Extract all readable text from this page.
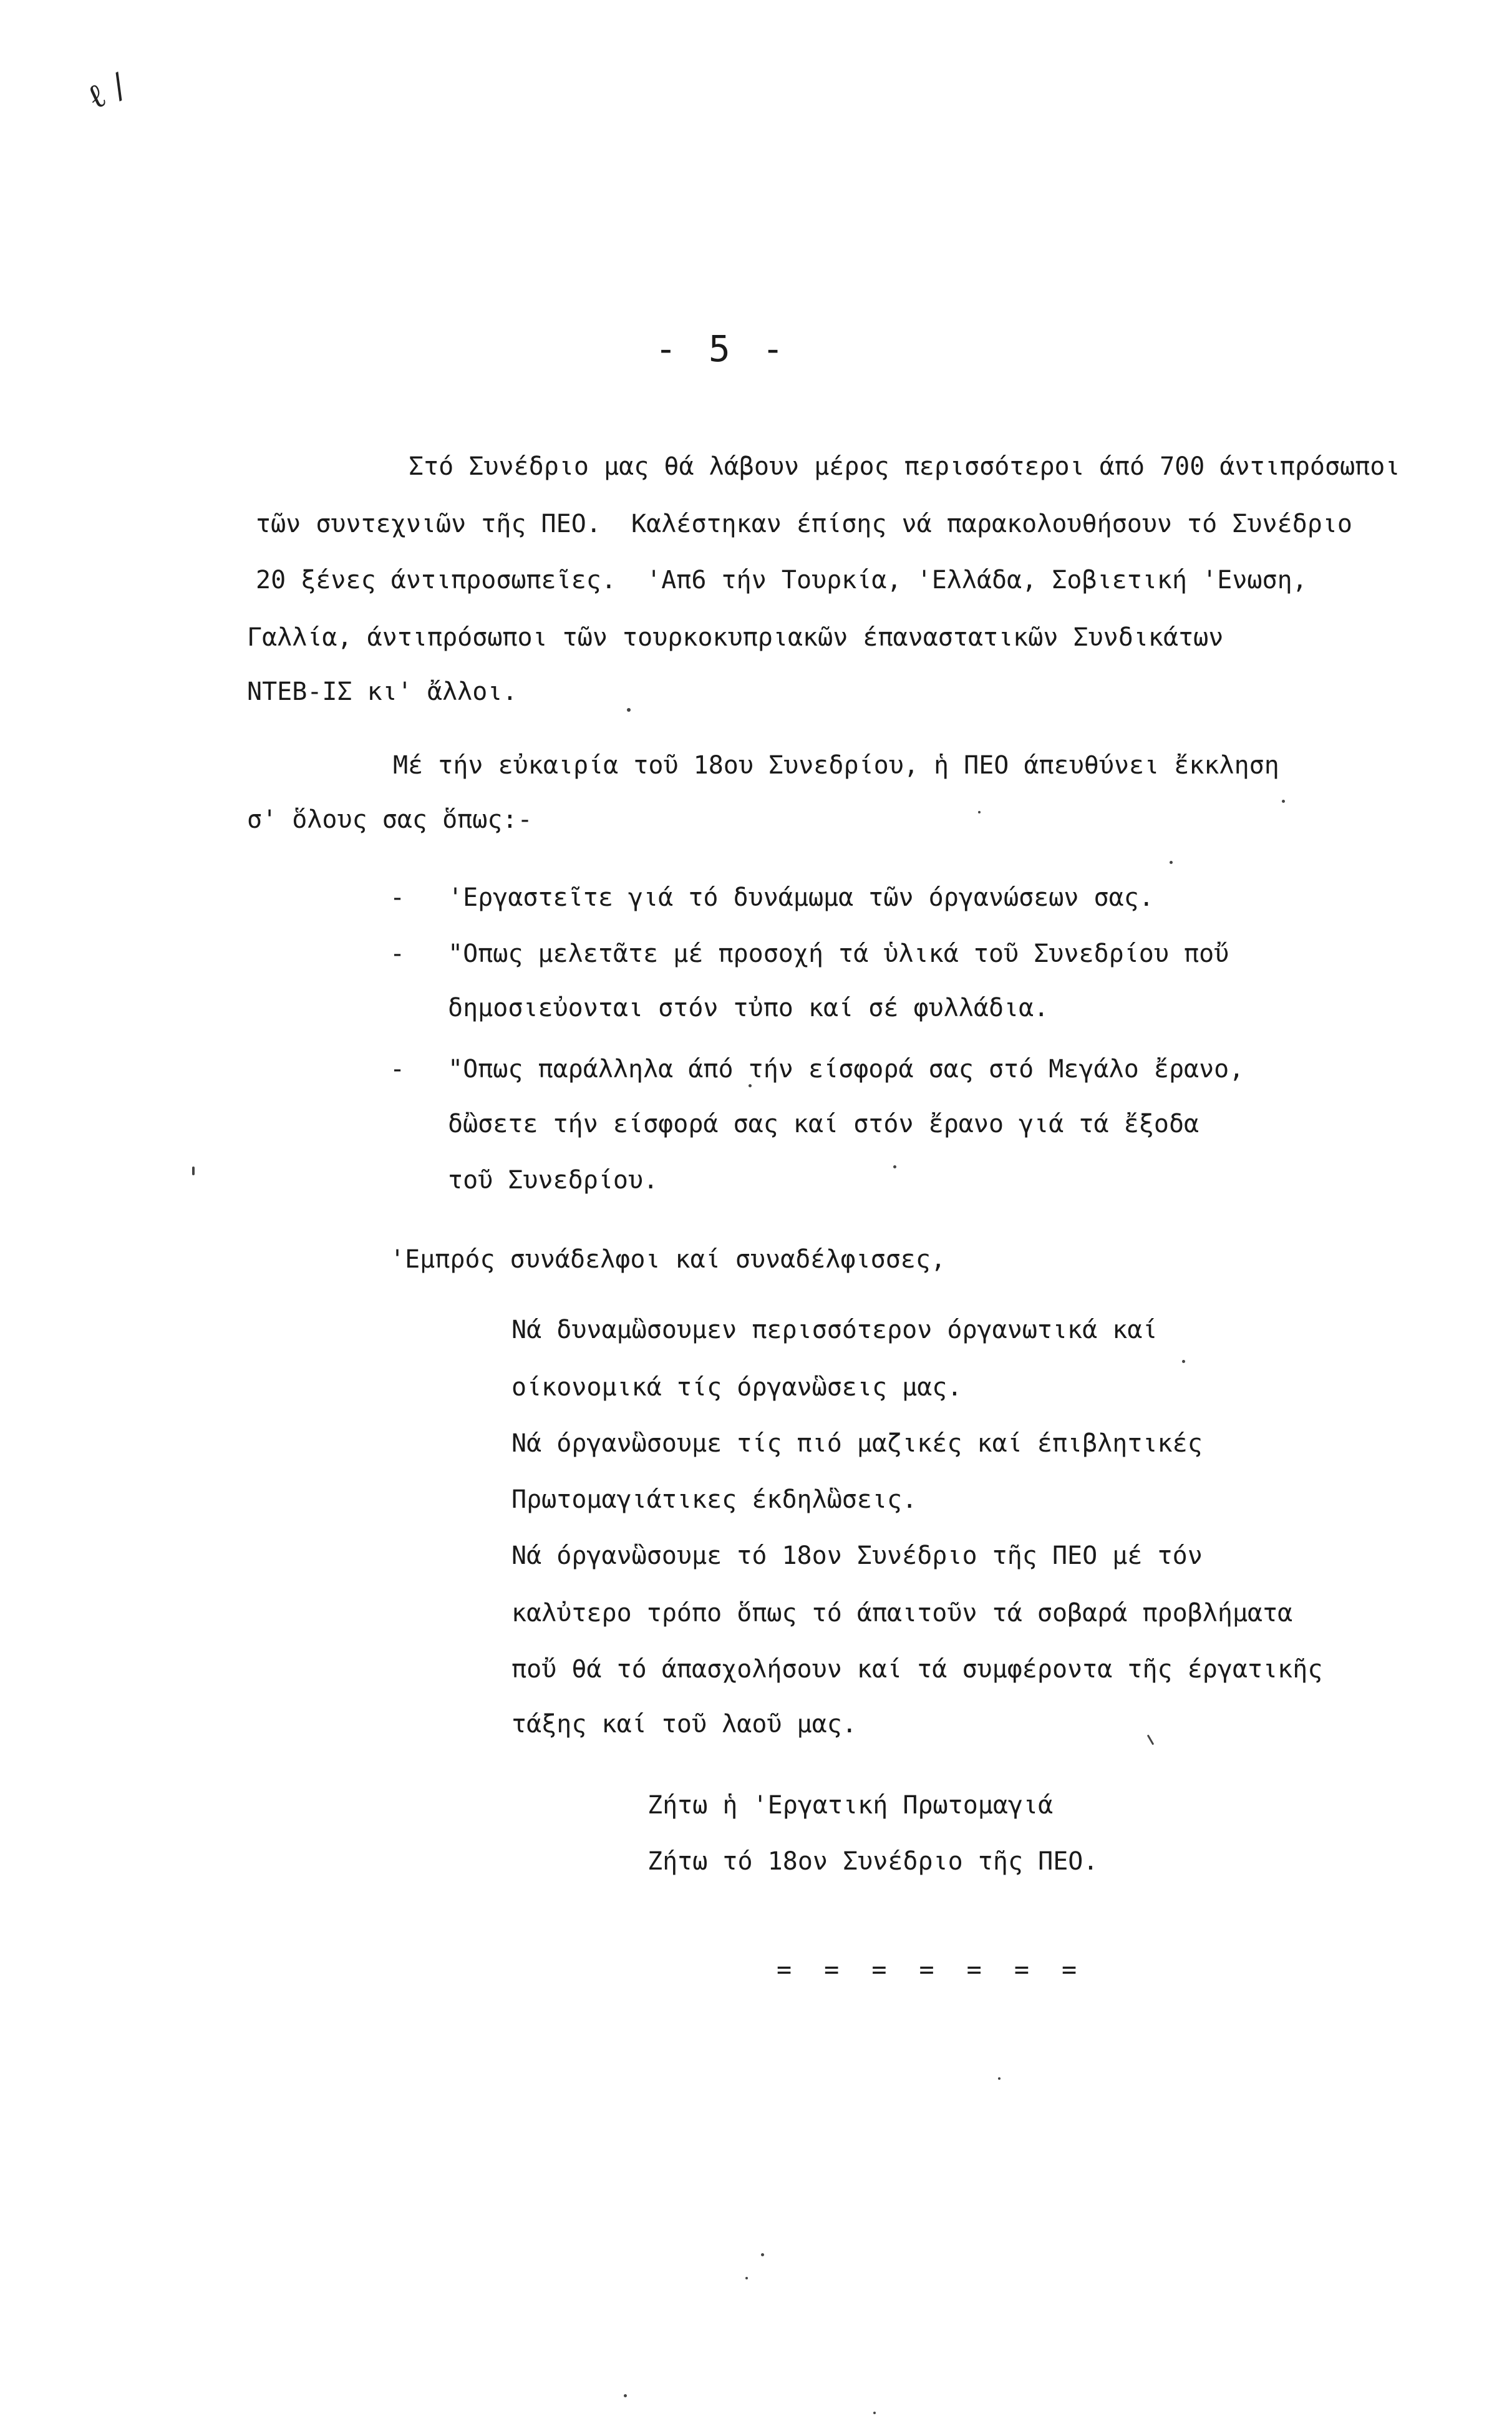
ℓ ∕
- 5 -
Στό Συνέδριο μας θά λάβουν μέρος περισσότεροι άπό 700 άντιπρόσωποι
τῶν συντεχνιῶν τῆς ΠΕΟ.  Καλέστηκαν έπίσης νά παρακολουθήσουν τό Συνέδριο
20 ξένες άντιπροσωπεῖες.  'Απ6 τήν Τουρκία, 'Ελλάδα, Σοβιετική 'Ενωση,
Γαλλία, άντιπρόσωποι τῶν τουρκοκυπριακῶν έπαναστατικῶν Συνδικάτων
ΝΤΕΒ-ΙΣ κι' ἄλλοι.
Μέ τήν εὐκαιρία τοῦ 18ου Συνεδρίου, ἡ ΠΕΟ άπευθύνει ἔκκληση
σ' ὅλους σας ὅπως:-
- 'Εργαστεῖτε γιά τό δυνάμωμα τῶν όργανώσεων σας.
- "Οπως μελετᾶτε μέ προσοχή τά ὑλικά τοῦ Συνεδρίου ποὔ
δημοσιεὐονται στόν τὐπο καί σέ φυλλάδια.
- "Οπως παράλληλα άπό τήν είσφορά σας στό Μεγάλο ἔρανο,
δὢσετε τήν είσφορά σας καί στόν ἔρανο γιά τά ἔξοδα
τοῦ Συνεδρίου.
'Εμπρός συνάδελφοι καί συναδέλφισσες,
Νά δυναμὣσουμεν περισσότερον όργανωτικά καί
οίκονομικά τίς όργανὣσεις μας.
Νά όργανὣσουμε τίς πιό μαζικές καί έπιβλητικές
Πρωτομαγιάτικες έκδηλὣσεις.
Νά όργανὣσουμε τό 18ον Συνέδριο τῆς ΠΕΟ μέ τόν
καλὐτερο τρόπο ὅπως τό άπαιτοῦν τά σοβαρά προβλήματα
ποὔ θά τό άπασχολήσουν καί τά συμφέροντα τῆς έργατικῆς
τάξης καί τοῦ λαοῦ μας.
Ζήτω ἡ 'Εργατική Πρωτομαγιά
Ζήτω τό 18ον Συνέδριο τῆς ΠΕΟ.
= = = = = = =
